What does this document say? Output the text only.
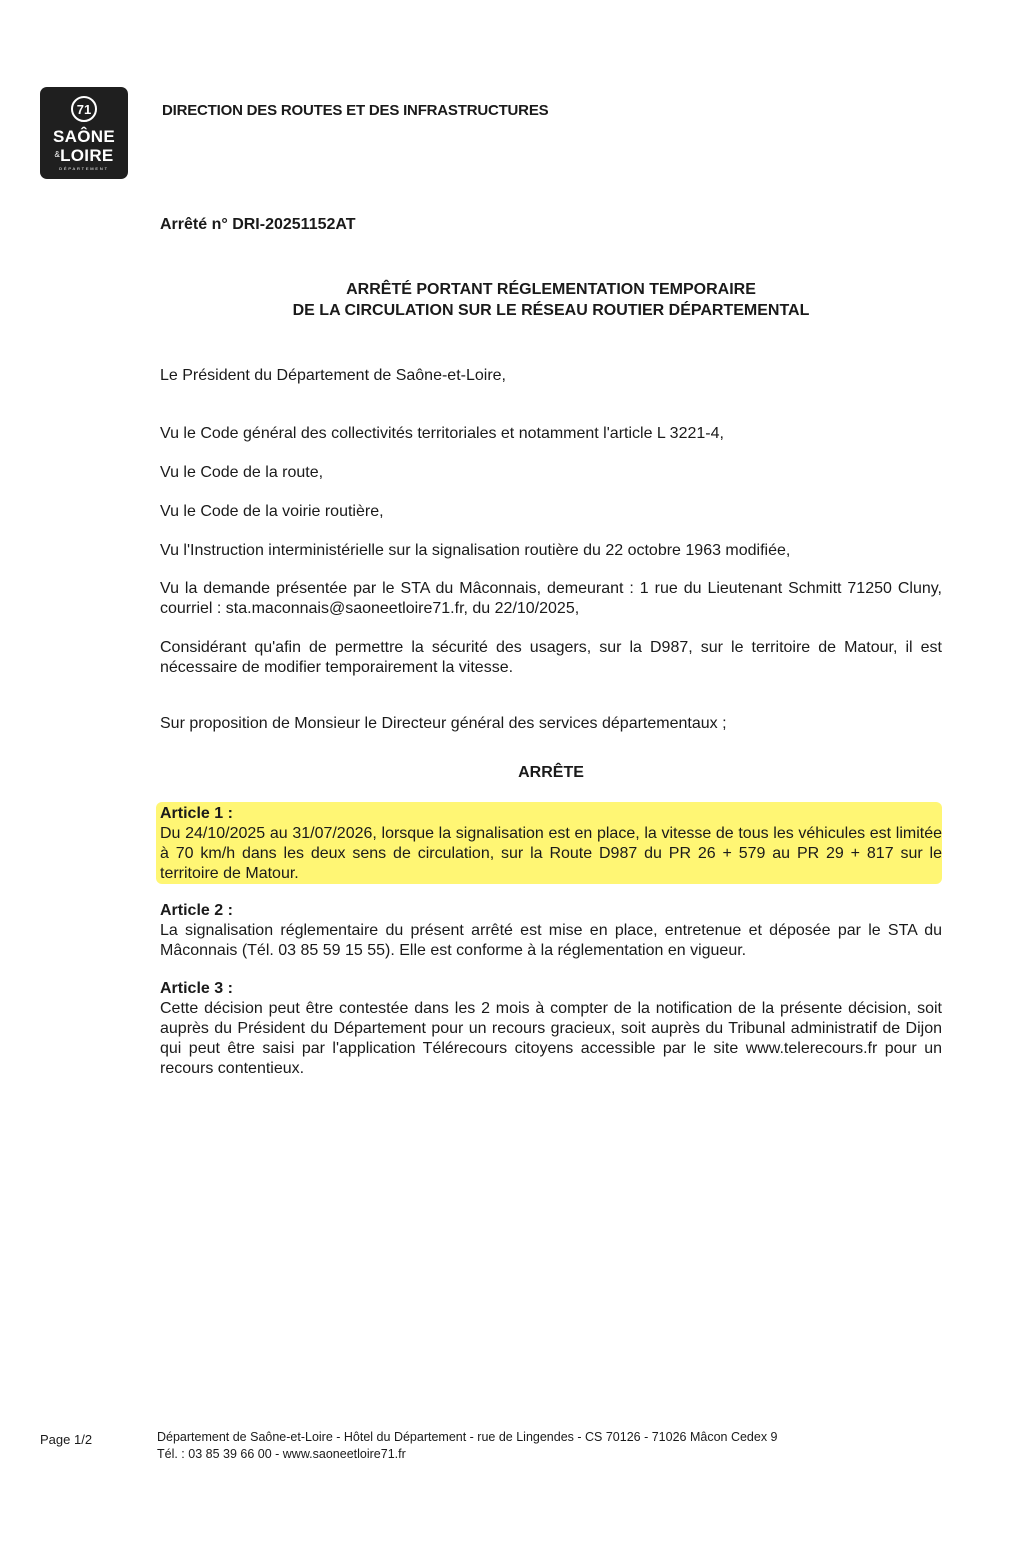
71
SAÔNE
&LOIRE
DÉPARTEMENT
DIRECTION DES ROUTES ET DES INFRASTRUCTURES
Arrêté n° DRI-20251152AT
ARRÊTÉ PORTANT RÉGLEMENTATION TEMPORAIRE
DE LA CIRCULATION SUR LE RÉSEAU ROUTIER DÉPARTEMENTAL
Le Président du Département de Saône-et-Loire,
Vu le Code général des collectivités territoriales et notamment l'article L 3221-4,
Vu le Code de la route,
Vu le Code de la voirie routière,
Vu l'Instruction interministérielle sur la signalisation routière du 22 octobre 1963 modifiée,
Vu la demande présentée par le STA du Mâconnais, demeurant : 1 rue du Lieutenant Schmitt 71250 Cluny, courriel : sta.maconnais@saoneetloire71.fr, du 22/10/2025,
Considérant qu'afin de permettre la sécurité des usagers, sur la D987, sur le territoire de Matour, il est nécessaire de modifier temporairement la vitesse.
Sur proposition de Monsieur le Directeur général des services départementaux ;
ARRÊTE
Article 1 :
Du 24/10/2025 au 31/07/2026, lorsque la signalisation est en place, la vitesse de tous les véhicules est limitée à 70 km/h dans les deux sens de circulation, sur la Route D987 du PR 26 + 579 au PR 29 + 817 sur le territoire de Matour.
Article 2 :
La signalisation réglementaire du présent arrêté est mise en place, entretenue et déposée par le STA du Mâconnais (Tél. 03 85 59 15 55). Elle est conforme à la réglementation en vigueur.
Article 3 :
Cette décision peut être contestée dans les 2 mois à compter de la notification de la présente décision, soit auprès du Président du Département pour un recours gracieux, soit auprès du Tribunal administratif de Dijon qui peut être saisi par l'application Télérecours citoyens accessible par le site www.telerecours.fr pour un recours contentieux.
Page 1/2	Département de Saône-et-Loire - Hôtel du Département - rue de Lingendes - CS 70126 - 71026 Mâcon Cedex 9
Tél. : 03 85 39 66 00 - www.saoneetloire71.fr
